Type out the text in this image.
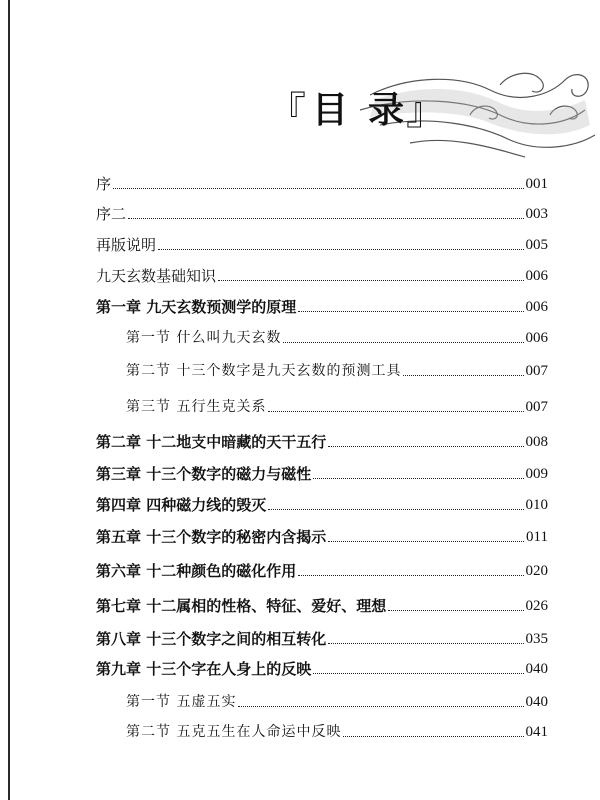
『 目 录 』
序	001
序二	003
再版说明	005
九天玄数基础知识	006
第一章 九天玄数预测学的原理	006
第一节 什么叫九天玄数	006
第二节 十三个数字是九天玄数的预测工具	007
第三节 五行生克关系	007
第二章 十二地支中暗藏的天干五行	008
第三章 十三个数字的磁力与磁性	009
第四章 四种磁力线的毁灭	010
第五章 十三个数字的秘密内含揭示	011
第六章 十二种颜色的磁化作用	020
第七章 十二属相的性格、特征、爱好、理想	026
第八章 十三个数字之间的相互转化	035
第九章 十三个字在人身上的反映	040
第一节 五虚五实	040
第二节 五克五生在人命运中反映	041
